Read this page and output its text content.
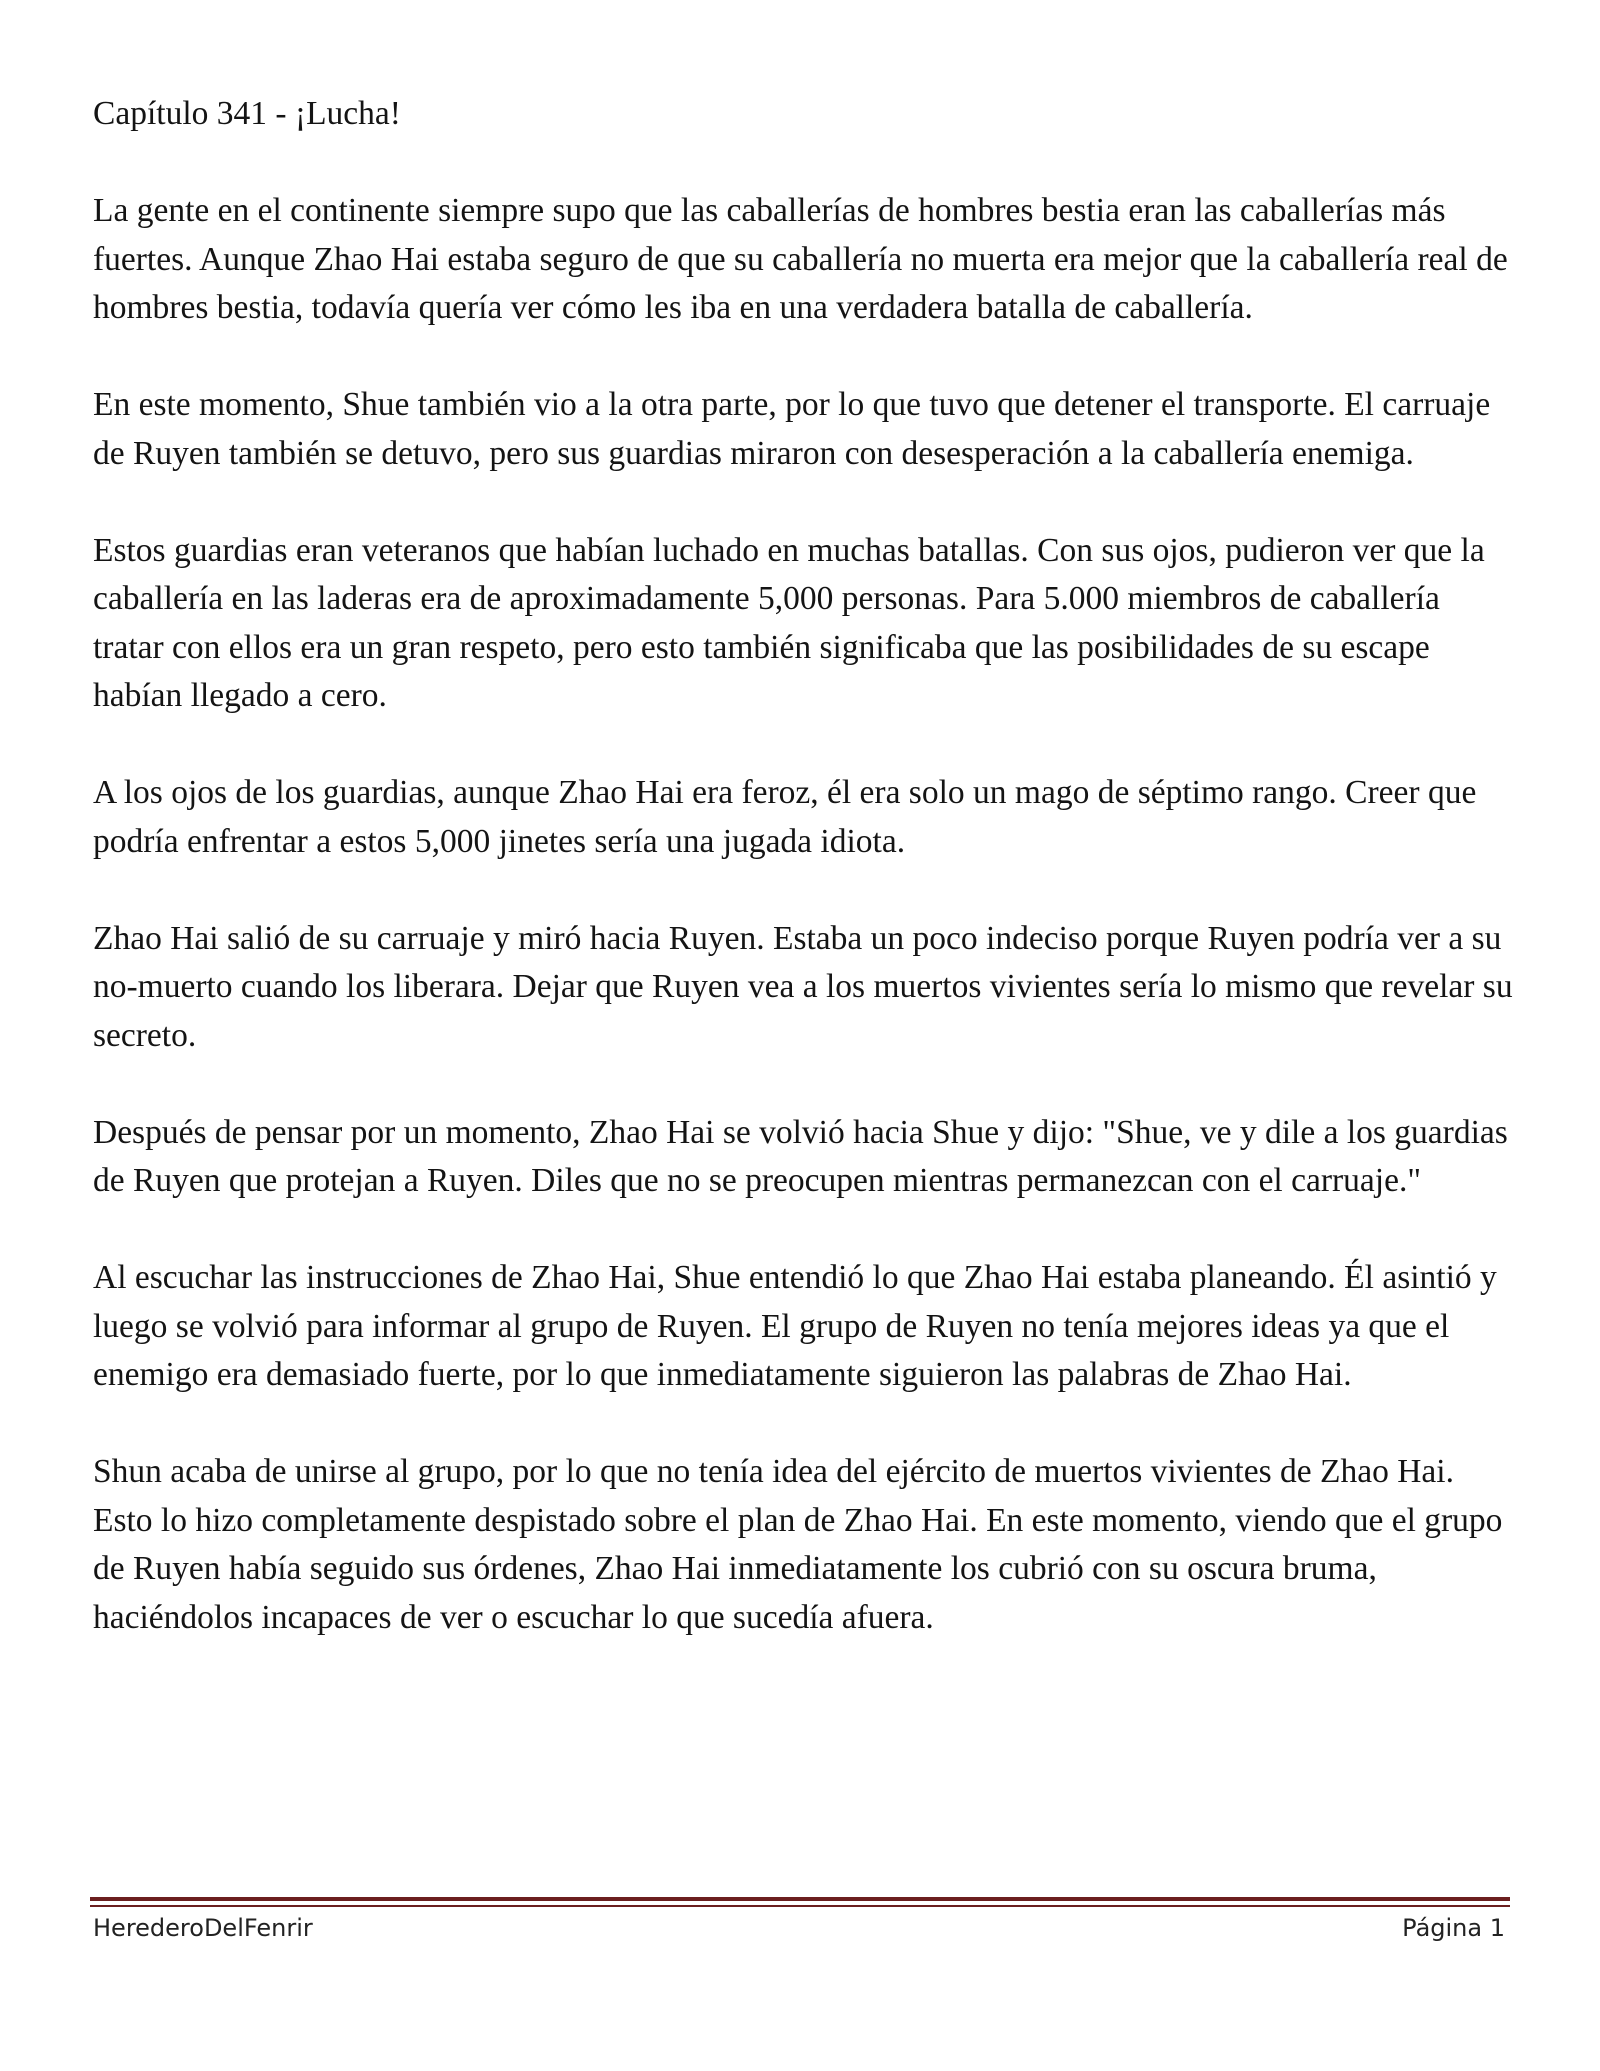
Capítulo 341 - ¡Lucha!

La gente en el continente siempre supo que las caballerías de hombres bestia eran las caballerías más fuertes. Aunque Zhao Hai estaba seguro de que su caballería no muerta era mejor que la caballería real de hombres bestia, todavía quería ver cómo les iba en una verdadera batalla de caballería.

En este momento, Shue también vio a la otra parte, por lo que tuvo que detener el transporte. El carruaje de Ruyen también se detuvo, pero sus guardias miraron con desesperación a la caballería enemiga.

Estos guardias eran veteranos que habían luchado en muchas batallas. Con sus ojos, pudieron ver que la caballería en las laderas era de aproximadamente 5,000 personas. Para 5.000 miembros de caballería tratar con ellos era un gran respeto, pero esto también significaba que las posibilidades de su escape habían llegado a cero.

A los ojos de los guardias, aunque Zhao Hai era feroz, él era solo un mago de séptimo rango. Creer que podría enfrentar a estos 5,000 jinetes sería una jugada idiota.

Zhao Hai salió de su carruaje y miró hacia Ruyen. Estaba un poco indeciso porque Ruyen podría ver a su no-muerto cuando los liberara. Dejar que Ruyen vea a los muertos vivientes sería lo mismo que revelar su secreto.

Después de pensar por un momento, Zhao Hai se volvió hacia Shue y dijo: "Shue, ve y dile a los guardias de Ruyen que protejan a Ruyen. Diles que no se preocupen mientras permanezcan con el carruaje."

Al escuchar las instrucciones de Zhao Hai, Shue entendió lo que Zhao Hai estaba planeando. Él asintió y luego se volvió para informar al grupo de Ruyen. El grupo de Ruyen no tenía mejores ideas ya que el enemigo era demasiado fuerte, por lo que inmediatamente siguieron las palabras de Zhao Hai.

Shun acaba de unirse al grupo, por lo que no tenía idea del ejército de muertos vivientes de Zhao Hai. Esto lo hizo completamente despistado sobre el plan de Zhao Hai. En este momento, viendo que el grupo de Ruyen había seguido sus órdenes, Zhao Hai inmediatamente los cubrió con su oscura bruma, haciéndolos incapaces de ver o escuchar lo que sucedía afuera.

HerederoDelFenrir	Página 1
